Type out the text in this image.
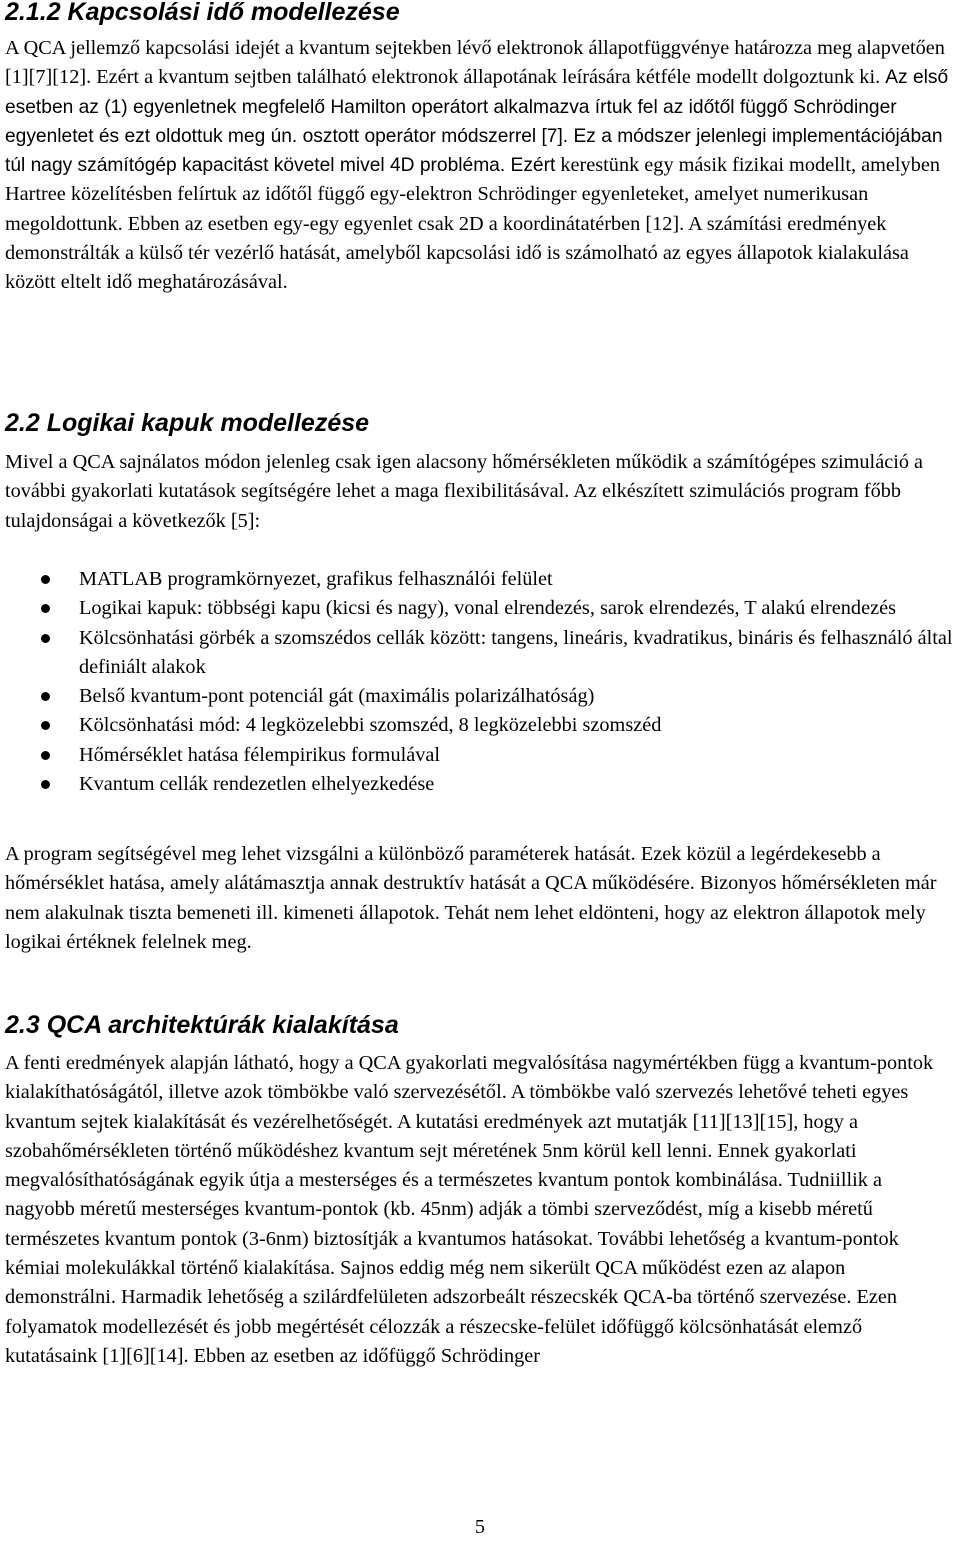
2.1.2 Kapcsolási idő modellezése

A QCA jellemző kapcsolási idejét a kvantum sejtekben lévő elektronok állapotfüggvénye határozza meg alapvetően [1][7][12]. Ezért a kvantum sejtben található elektronok állapotának leírására kétféle modellt dolgoztunk ki. Az első esetben az (1) egyenletnek megfelelő Hamilton operátort alkalmazva írtuk fel az időtől függő Schrödinger egyenletet és ezt oldottuk meg ún. osztott operátor módszerrel [7]. Ez a módszer jelenlegi implementációjában túl nagy számítógép kapacitást követel mivel 4D probléma. Ezért kerestünk egy másik fizikai modellt, amelyben Hartree közelítésben felírtuk az időtől függő egy-elektron Schrödinger egyenleteket, amelyet numerikusan megoldottunk. Ebben az esetben egy-egy egyenlet csak 2D a koordinátatérben [12]. A számítási eredmények demonstrálták a külső tér vezérlő hatását, amelyből kapcsolási idő is számolható az egyes állapotok kialakulása között eltelt idő meghatározásával.

2.2 Logikai kapuk modellezése

Mivel a QCA sajnálatos módon jelenleg csak igen alacsony hőmérsékleten működik a számítógépes szimuláció a további gyakorlati kutatások segítségére lehet a maga flexibilitásával. Az elkészített szimulációs program főbb tulajdonságai a következők [5]:

MATLAB programkörnyezet, grafikus felhasználói felület
Logikai kapuk: többségi kapu (kicsi és nagy), vonal elrendezés, sarok elrendezés, T alakú elrendezés
Kölcsönhatási görbék a szomszédos cellák között: tangens, lineáris, kvadratikus, bináris és felhasználó által definiált alakok
Belső kvantum-pont potenciál gát (maximális polarizálhatóság)
Kölcsönhatási mód: 4 legközelebbi szomszéd, 8 legközelebbi szomszéd
Hőmérséklet hatása félempirikus formulával
Kvantum cellák rendezetlen elhelyezkedése

A program segítségével meg lehet vizsgálni a különböző paraméterek hatását. Ezek közül a legérdekesebb a hőmérséklet hatása, amely alátámasztja annak destruktív hatását a QCA működésére. Bizonyos hőmérsékleten már nem alakulnak tiszta bemeneti ill. kimeneti állapotok. Tehát nem lehet eldönteni, hogy az elektron állapotok mely logikai értéknek felelnek meg.

2.3 QCA architektúrák kialakítása

A fenti eredmények alapján látható, hogy a QCA gyakorlati megvalósítása nagymértékben függ a kvantum-pontok kialakíthatóságától, illetve azok tömbökbe való szervezésétől. A tömbökbe való szervezés lehetővé teheti egyes kvantum sejtek kialakítását és vezérelhetőségét. A kutatási eredmények azt mutatják [11][13][15], hogy a szobahőmérsékleten történő működéshez kvantum sejt méretének 5nm körül kell lenni. Ennek gyakorlati megvalósíthatóságának egyik útja a mesterséges és a természetes kvantum pontok kombinálása. Tudniillik a nagyobb méretű mesterséges kvantum-pontok (kb. 45nm) adják a tömbi szerveződést, míg a kisebb méretű természetes kvantum pontok (3-6nm) biztosítják a kvantumos hatásokat. További lehetőség a kvantum-pontok kémiai molekulákkal történő kialakítása. Sajnos eddig még nem sikerült QCA működést ezen az alapon demonstrálni. Harmadik lehetőség a szilárdfelületen adszorbeált részecskék QCA-ba történő szervezése. Ezen folyamatok modellezését és jobb megértését célozzák a részecske-felület időfüggő kölcsönhatását elemző kutatásaink [1][6][14]. Ebben az esetben az időfüggő Schrödinger

5
